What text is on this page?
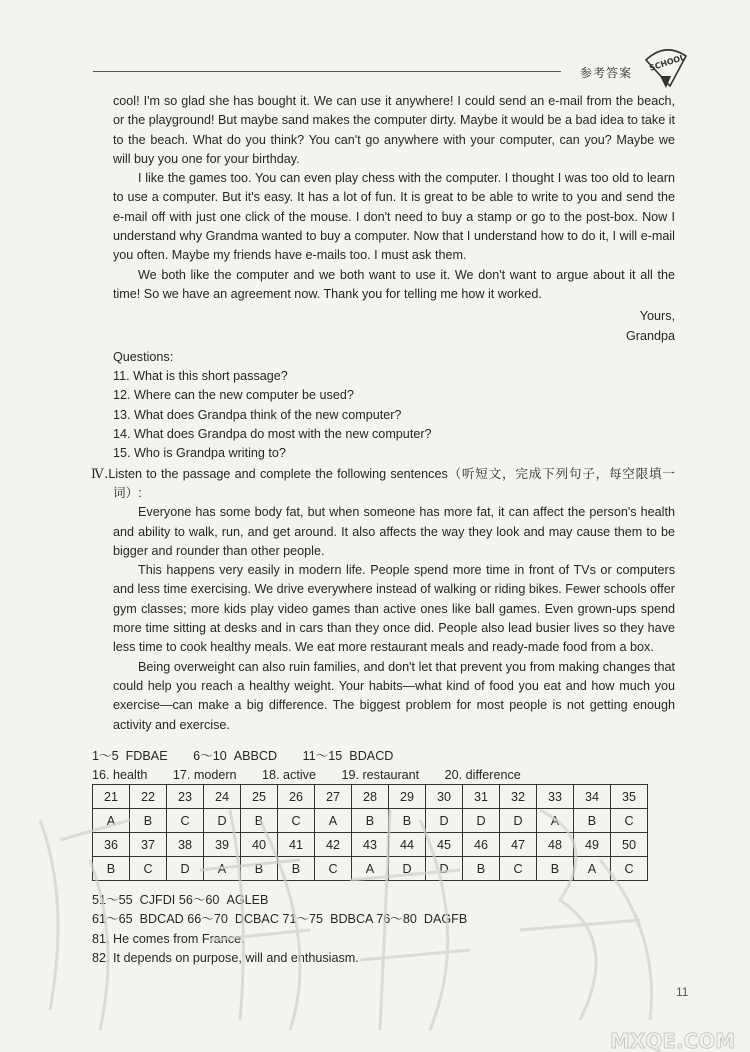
参考答案
SCHOOL

cool! I'm so glad she has bought it. We can use it anywhere! I could send an e-mail from the beach, or the playground! But maybe sand makes the computer dirty. Maybe it would be a bad idea to take it to the beach. What do you think? You can't go anywhere with your computer, can you? Maybe we will buy you one for your birthday.

I like the games too. You can even play chess with the computer. I thought I was too old to learn to use a computer. But it's easy. It has a lot of fun. It is great to be able to write to you and send the e-mail off with just one click of the mouse. I don't need to buy a stamp or go to the post-box. Now I understand why Grandma wanted to buy a computer. Now that I understand how to do it, I will e-mail you often. Maybe my friends have e-mails too. I must ask them.

We both like the computer and we both want to use it. We don't want to argue about it all the time! So we have an agreement now. Thank you for telling me how it worked.

Yours,

Grandpa

Questions:

11. What is this short passage?

12. Where can the new computer be used?

13. What does Grandpa think of the new computer?

14. What does Grandpa do most with the new computer?

15. Who is Grandpa writing to?

Ⅳ.Listen to the passage and complete the following sentences（听短文，完成下列句子，每空限填一词）:

Everyone has some body fat, but when someone has more fat, it can affect the person's health and ability to walk, run, and get around. It also affects the way they look and may cause them to be bigger and rounder than other people.

This happens very easily in modern life. People spend more time in front of TVs or computers and less time exercising. We drive everywhere instead of walking or riding bikes. Fewer schools offer gym classes; more kids play video games than active ones like ball games. Even grown-ups spend more time sitting at desks and in cars than they once did. People also lead busier lives so they have less time to cook healthy meals. We eat more restaurant meals and ready-made food from a box.

Being overweight can also ruin families, and don't let that prevent you from making changes that could help you reach a healthy weight. Your habits—what kind of food you eat and how much you exercise—can make a big difference. The biggest problem for most people is not getting enough activity and exercise.

1～5 FDBAE 6～10 ABBCD 11～15 BDACD
16. health 17. modern 18. active 19. restaurant 20. difference
21	22	23	24	25	26	27	28	29	30	31	32	33	34	35
A	B	C	D	B	C	A	B	B	D	D	D	A	B	C
36	37	38	39	40	41	42	43	44	45	46	47	48	49	50
B	C	D	A	B	B	C	A	D	D	B	C	B	A	C
51～55 CJFDI 56～60 AGLEB
61～65 BDCAD 66～70 DCBAC 71～75 BDBCA 76～80 DAGFB
81. He comes from France.
82. It depends on purpose, will and enthusiasm.
11
MXQE.COM
